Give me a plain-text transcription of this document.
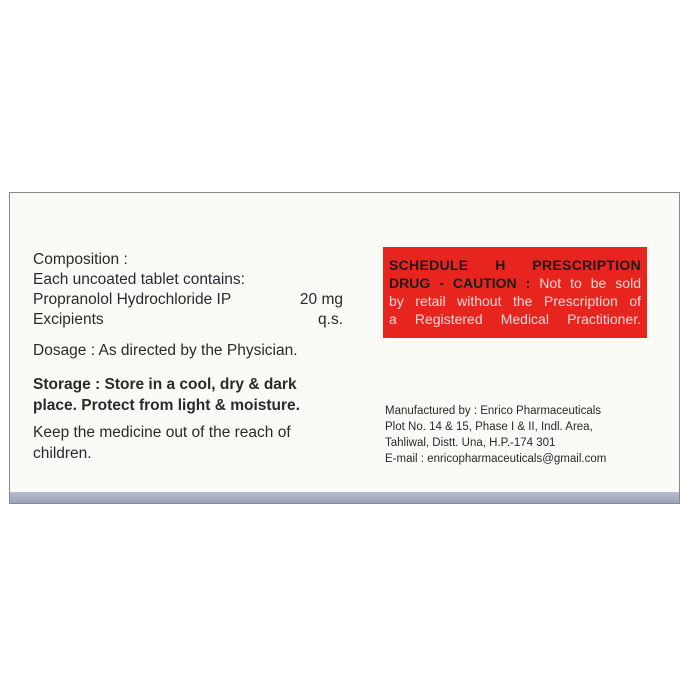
Composition :
Each uncoated tablet contains:
Propranolol Hydrochloride IP	20 mg
Excipients	q.s.
Dosage : As directed by the Physician.
Storage : Store in a cool, dry & dark
place. Protect from light & moisture.
Keep the medicine out of the reach of
children.
SCHEDULE H PRESCRIPTION
DRUG - CAUTION : Not to be sold
by retail without the Prescription of
a Registered Medical Practitioner.
Manufactured by : Enrico Pharmaceuticals
Plot No. 14 & 15, Phase I & II, Indl. Area,
Tahliwal, Distt. Una, H.P.-174 301
E-mail : enricopharmaceuticals@gmail.com
